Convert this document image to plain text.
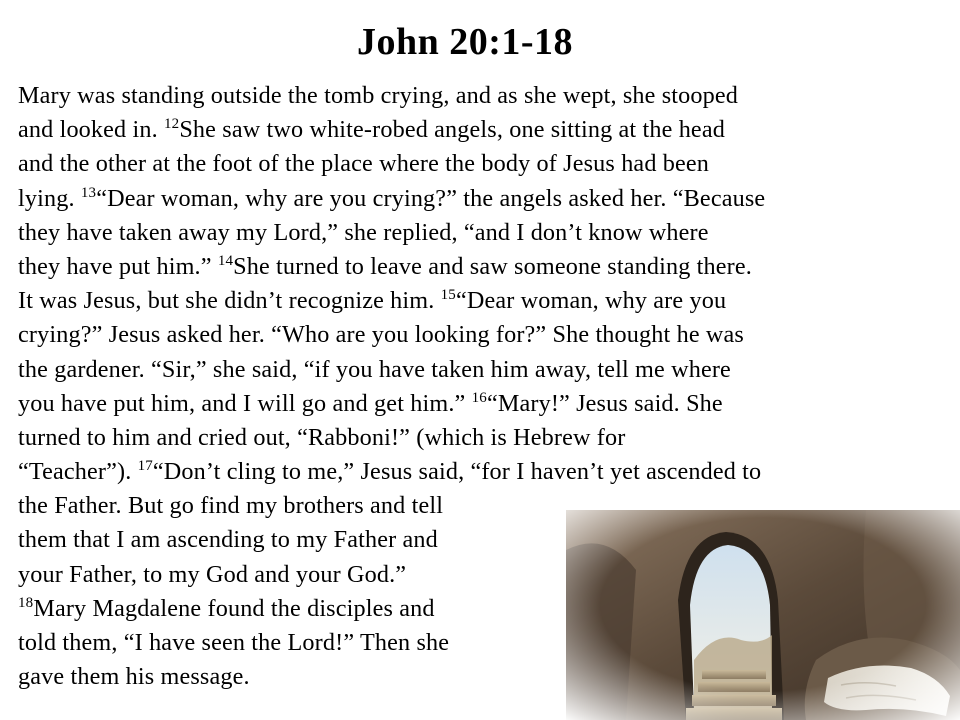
John 20:1-18
Mary was standing outside the tomb crying, and as she wept, she stooped
and looked in. $^{12}$She saw two white-robed angels, one sitting at the head
and the other at the foot of the place where the body of Jesus had been
lying. $^{13}$“Dear woman, why are you crying?” the angels asked her. “Because
they have taken away my Lord,” she replied, “and I don’t know where
they have put him.” $^{14}$She turned to leave and saw someone standing there.
It was Jesus, but she didn’t recognize him. $^{15}$“Dear woman, why are you
crying?” Jesus asked her. “Who are you looking for?” She thought he was
the gardener. “Sir,” she said, “if you have taken him away, tell me where
you have put him, and I will go and get him.” $^{16}$“Mary!” Jesus said. She
turned to him and cried out, “Rabboni!” (which is Hebrew for
“Teacher”). $^{17}$“Don’t cling to me,” Jesus said, “for I haven’t yet ascended to
the Father. But go find my brothers and tell
them that I am ascending to my Father and
your Father, to my God and your God.”
$^{18}$Mary Magdalene found the disciples and
told them, “I have seen the Lord!” Then she
gave them his message.
